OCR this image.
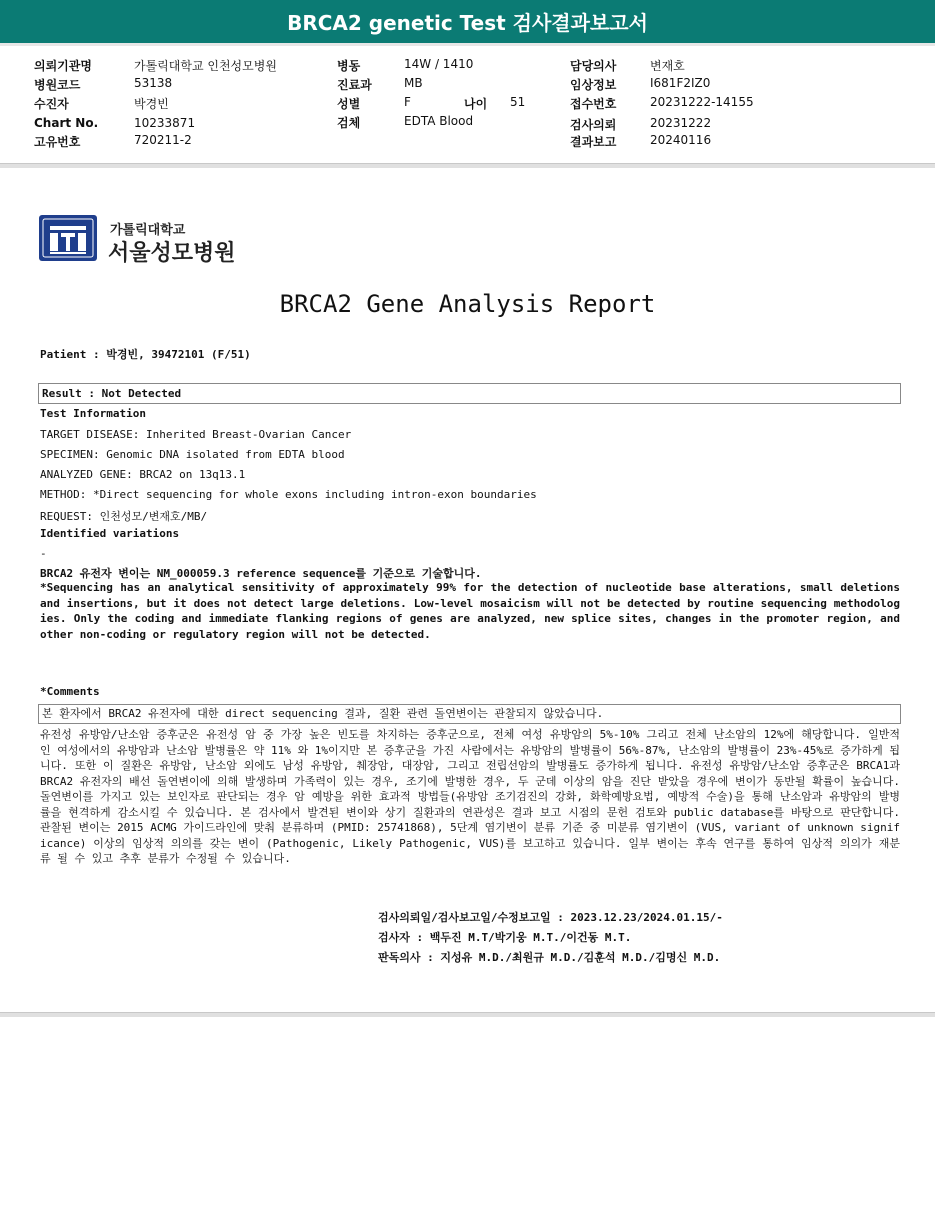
BRCA2 genetic Test 검사결과보고서
의뢰기관명	가톨릭대학교 인천성모병원
병원코드	53138
수진자	박경빈
Chart No.	10233871
고유번호	720211-2
병동	14W / 1410
진료과	MB
성별	F	나이 51
검체	EDTA Blood
담당의사	변재호
임상정보	I681F2IZ0
접수번호	20231222-14155
검사의뢰	20231222
결과보고	20240116
가톨릭대학교
서울성모병원
BRCA2 Gene Analysis Report
Patient : 박경빈, 39472101 (F/51)
Result : Not Detected
Test Information
TARGET DISEASE: Inherited Breast-Ovarian Cancer
SPECIMEN: Genomic DNA isolated from EDTA blood
ANALYZED GENE: BRCA2 on 13q13.1
METHOD: *Direct sequencing for whole exons including intron-exon boundaries
REQUEST: 인천성모/변재호/MB/
Identified variations
-
BRCA2 유전자 변이는 NM_000059.3 reference sequence를 기준으로 기술합니다.
*Sequencing has an analytical sensitivity of approximately 99% for the detection of nucleotide base alterations, small deletions and insertions, but it does not detect large deletions. Low-level mosaicism will not be detected by routine sequencing methodologies. Only the coding and immediate flanking regions of genes are analyzed, new splice sites, changes in the promoter region, and other non-coding or regulatory region will not be detected.
*Comments
본 환자에서 BRCA2 유전자에 대한 direct sequencing 결과, 질환 관련 돌연변이는 관찰되지 않았습니다.
유전성 유방암/난소암 증후군은 유전성 암 중 가장 높은 빈도를 차지하는 증후군으로, 전체 여성 유방암의 5%-10% 그리고 전체 난소암의 12%에 해당합니다. 일반적인 여성에서의 유방암과 난소암 발병률은 약 11% 와 1%이지만 본 증후군을 가진 사람에서는 유방암의 발병률이 56%-87%, 난소암의 발병률이 23%-45%로 증가하게 됩니다. 또한 이 질환은 유방암, 난소암 외에도 남성 유방암, 췌장암, 대장암, 그리고 전립선암의 발병률도 증가하게 됩니다. 유전성 유방암/난소암 증후군은 BRCA1과 BRCA2 유전자의 배선 돌연변이에 의해 발생하며 가족력이 있는 경우, 조기에 발병한 경우, 두 군데 이상의 암을 진단 받았을 경우에 변이가 동반될 확률이 높습니다. 돌연변이를 가지고 있는 보인자로 판단되는 경우 암 예방을 위한 효과적 방법들(유방암 조기검진의 강화, 화학예방요법, 예방적 수술)을 통해 난소암과 유방암의 발병률을 현격하게 감소시킬 수 있습니다. 본 검사에서 발견된 변이와 상기 질환과의 연관성은 결과 보고 시점의 문헌 검토와 public database를 바탕으로 판단합니다. 관찰된 변이는 2015 ACMG 가이드라인에 맞춰 분류하며 (PMID: 25741868), 5단계 염기변이 분류 기준 중 미분류 염기변이 (VUS, variant of unknown significance) 이상의 임상적 의의를 갖는 변이 (Pathogenic, Likely Pathogenic, VUS)를 보고하고 있습니다. 일부 변이는 후속 연구를 통하여 임상적 의의가 재분류 될 수 있고 추후 분류가 수정될 수 있습니다.
검사의뢰일/검사보고일/수정보고일 : 2023.12.23/2024.01.15/-
검사자 : 백두진 M.T/박기웅 M.T./이건동 M.T.
판독의사 : 지성유 M.D./최원규 M.D./김훈석 M.D./김명신 M.D.
